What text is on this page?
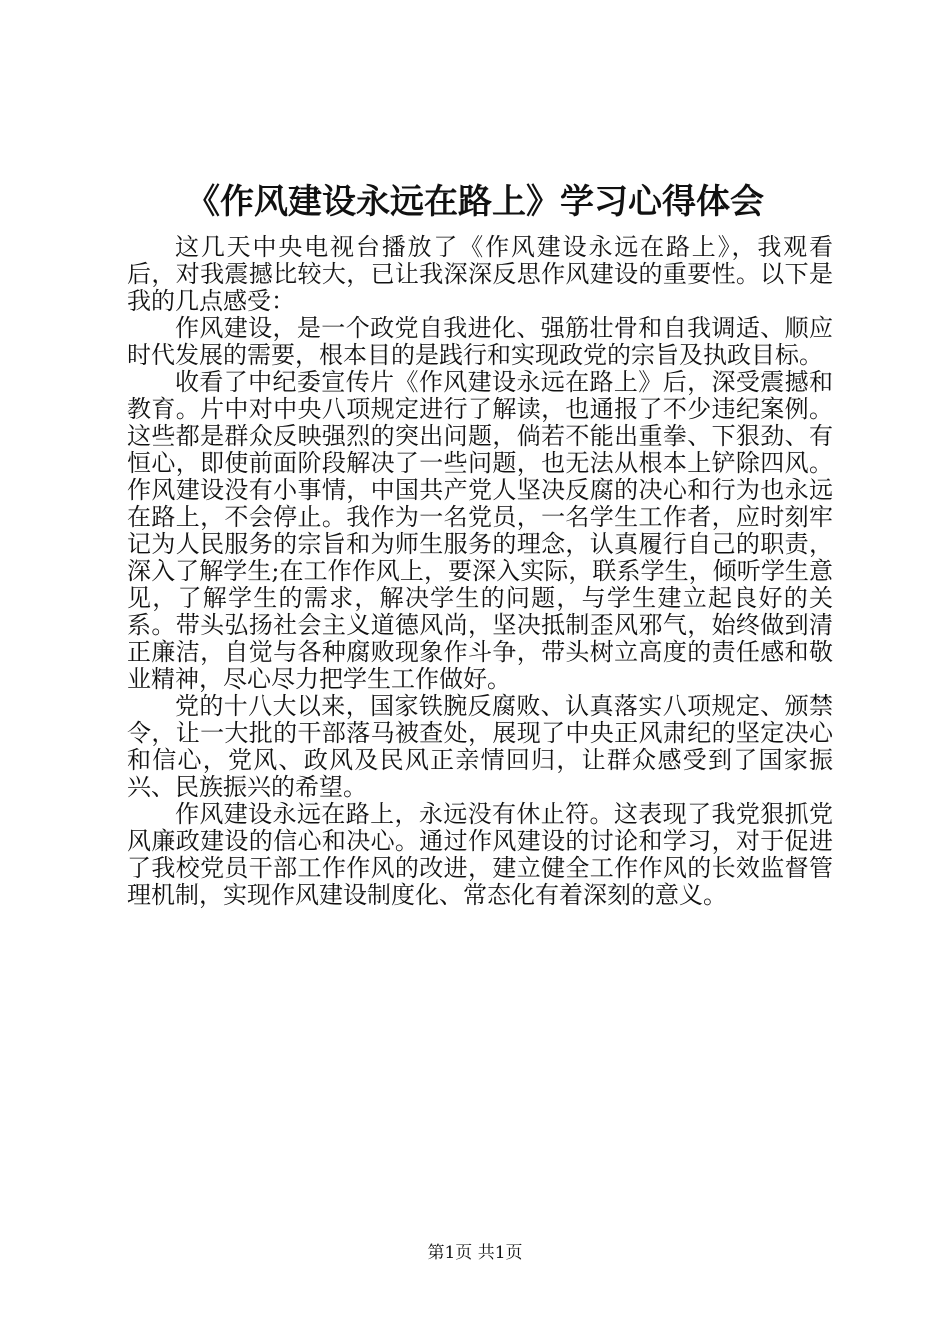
《作风建设永远在路上》学习心得体会

这几天中央电视台播放了《作风建设永远在路上》，我观看后，对我震撼比较大，已让我深深反思作风建设的重要性。以下是我的几点感受：

作风建设，是一个政党自我进化、强筋壮骨和自我调适、顺应时代发展的需要，根本目的是践行和实现政党的宗旨及执政目标。

收看了中纪委宣传片《作风建设永远在路上》后，深受震撼和教育。片中对中央八项规定进行了解读，也通报了不少违纪案例。这些都是群众反映强烈的突出问题，倘若不能出重拳、下狠劲、有恒心，即使前面阶段解决了一些问题，也无法从根本上铲除四风。作风建设没有小事情，中国共产党人坚决反腐的决心和行为也永远在路上，不会停止。我作为一名党员，一名学生工作者，应时刻牢记为人民服务的宗旨和为师生服务的理念，认真履行自己的职责，深入了解学生;在工作作风上，要深入实际，联系学生，倾听学生意见，了解学生的需求，解决学生的问题，与学生建立起良好的关系。带头弘扬社会主义道德风尚，坚决抵制歪风邪气，始终做到清正廉洁，自觉与各种腐败现象作斗争，带头树立高度的责任感和敬业精神，尽心尽力把学生工作做好。

党的十八大以来，国家铁腕反腐败、认真落实八项规定、颁禁令，让一大批的干部落马被查处，展现了中央正风肃纪的坚定决心和信心，党风、政风及民风正亲情回归，让群众感受到了国家振兴、民族振兴的希望。

作风建设永远在路上，永远没有休止符。这表现了我党狠抓党风廉政建设的信心和决心。通过作风建设的讨论和学习，对于促进了我校党员干部工作作风的改进，建立健全工作作风的长效监督管理机制，实现作风建设制度化、常态化有着深刻的意义。

第1页 共1页
